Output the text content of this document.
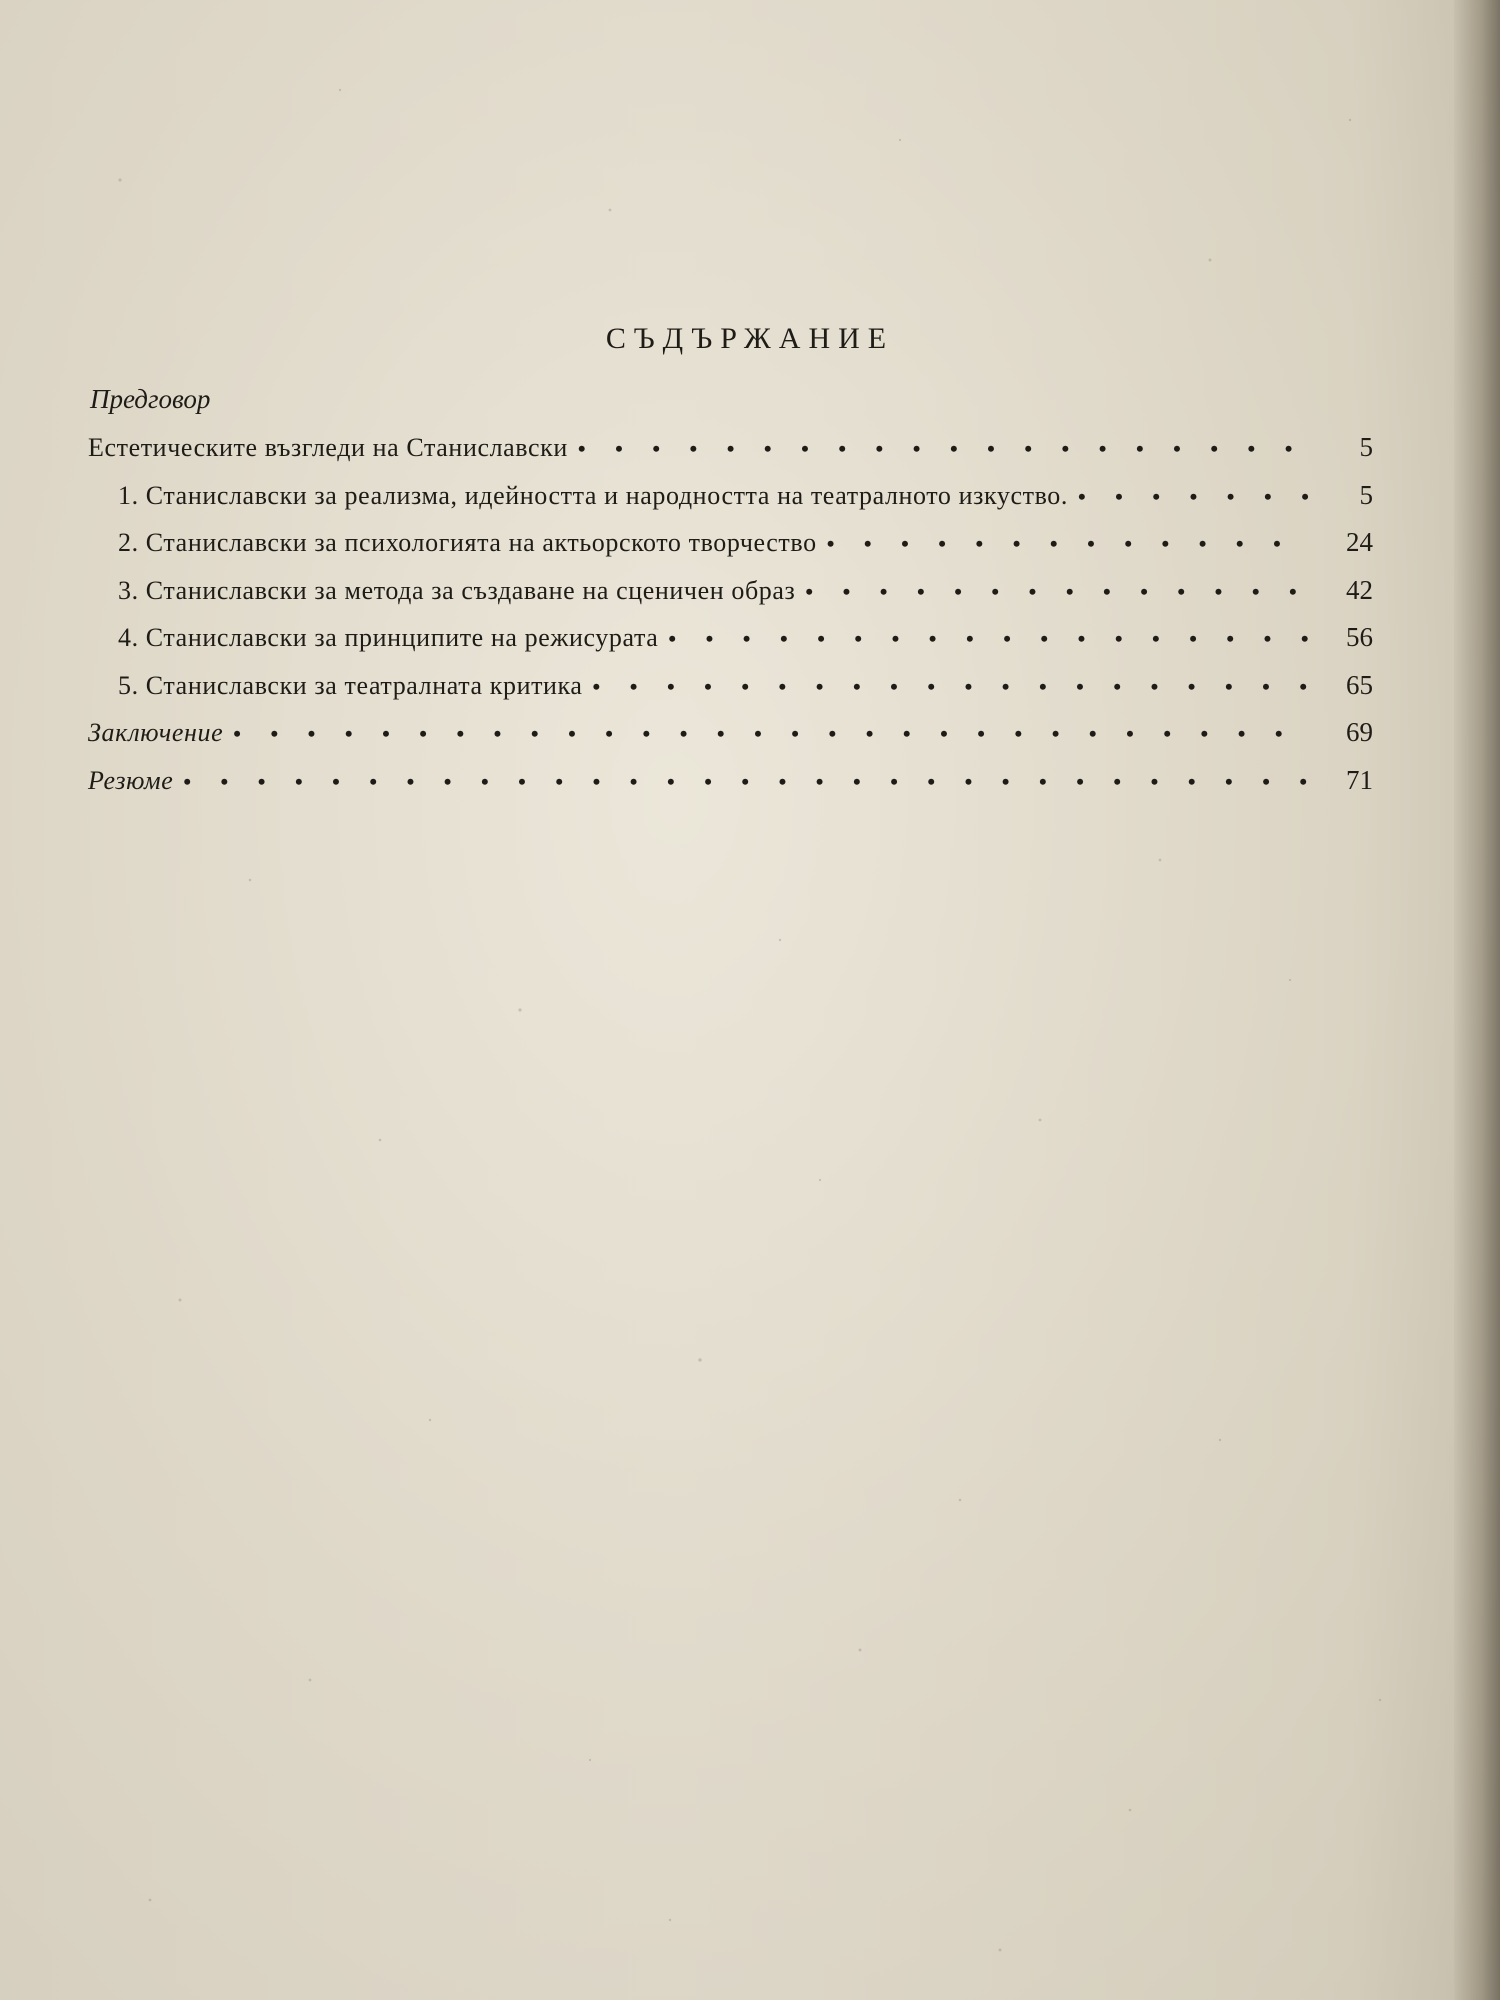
СЪДЪРЖАНИЕ

Предговор

Естетическите възгледи на Станиславски • • •	5
1. Станиславски за реализма, идейността и народността на театралното изкуство. • • •	5
2. Станиславски за психологията на актьорското творчество • • •	24
3. Станиславски за метода за създаване на сценичен образ • • •	42
4. Станиславски за принципите на режисурата • • •	56
5. Станиславски за театралната критика • • •	65
Заключение • • •	69
Резюме • • •	71
